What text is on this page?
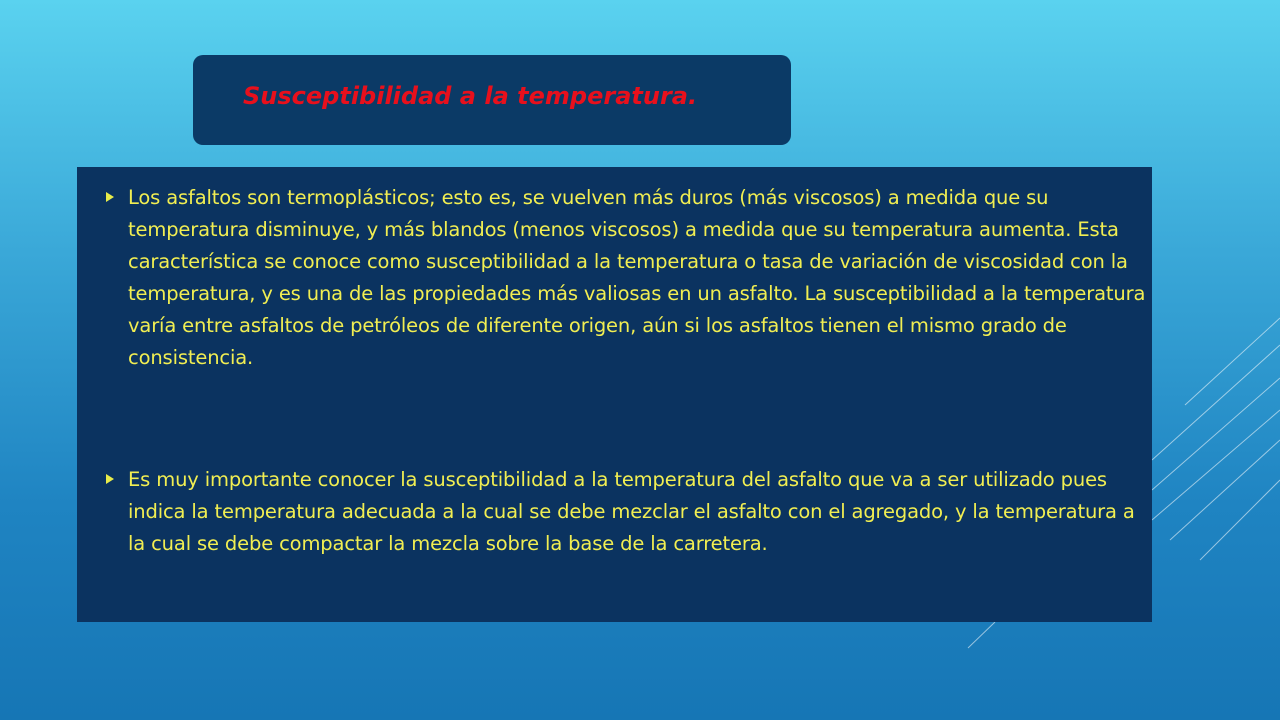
Susceptibilidad a la temperatura.

Los asfaltos son termoplásticos; esto es, se vuelven más duros (más viscosos) a medida que su temperatura disminuye, y más blandos (menos viscosos) a medida que su temperatura aumenta. Esta característica se conoce como susceptibilidad a la temperatura o tasa de variación de viscosidad con la temperatura, y es una de las propiedades más valiosas en un asfalto. La susceptibilidad a la temperatura varía entre asfaltos de petróleos de diferente origen, aún si los asfaltos tienen el mismo grado de consistencia.

Es muy importante conocer la susceptibilidad a la temperatura del asfalto que va a ser utilizado pues indica la temperatura adecuada a la cual se debe mezclar el asfalto con el agregado, y la temperatura a la cual se debe compactar la mezcla sobre la base de la carretera.
